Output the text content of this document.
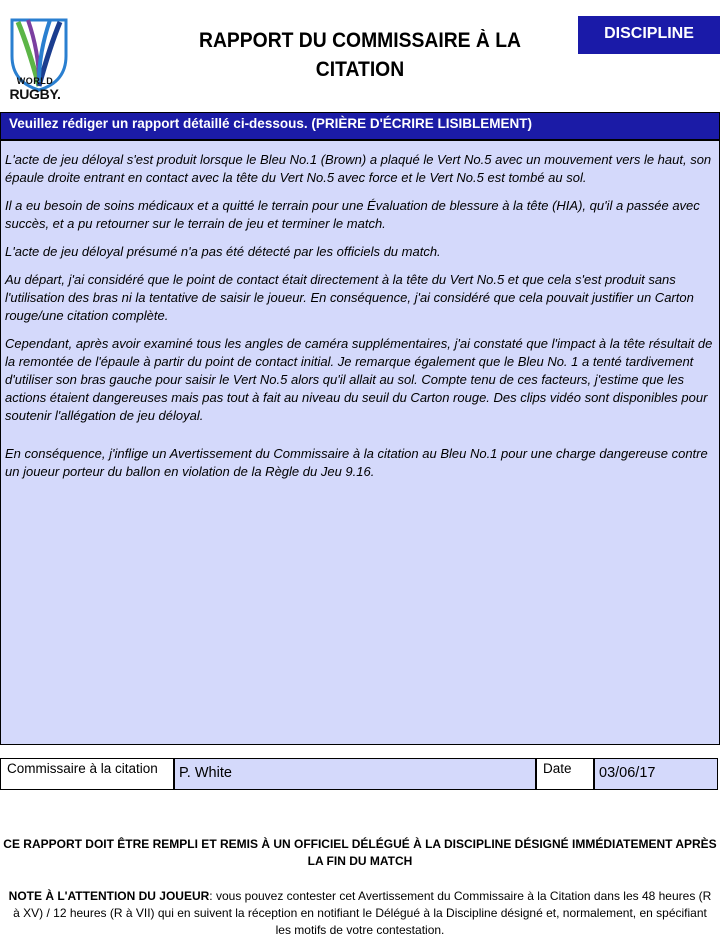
WORLD
RUGBY.
RAPPORT DU COMMISSAIRE À LA
CITATION
DISCIPLINE
Veuillez rédiger un rapport détaillé ci-dessous. (PRIÈRE D'ÉCRIRE LISIBLEMENT)

L'acte de jeu déloyal s'est produit lorsque le Bleu No.1 (Brown) a plaqué le Vert No.5 avec un mouvement vers le haut, son épaule droite entrant en contact avec la tête du Vert No.5 avec force et le Vert No.5 est tombé au sol.

Il a eu besoin de soins médicaux et a quitté le terrain pour une Évaluation de blessure à la tête (HIA), qu'il a passée avec succès, et a pu retourner sur le terrain de jeu et terminer le match.

L'acte de jeu déloyal présumé n'a pas été détecté par les officiels du match.

Au départ, j'ai considéré que le point de contact était directement à la tête du Vert No.5 et que cela s'est produit sans l'utilisation des bras ni la tentative de saisir le joueur. En conséquence, j'ai considéré que cela pouvait justifier un Carton rouge/une citation complète.

Cependant, après avoir examiné tous les angles de caméra supplémentaires, j'ai constaté que l'impact à la tête résultait de la remontée de l'épaule à partir du point de contact initial. Je remarque également que le Bleu No. 1 a tenté tardivement d'utiliser son bras gauche pour saisir le Vert No.5 alors qu'il allait au sol. Compte tenu de ces facteurs, j'estime que les actions étaient dangereuses mais pas tout à fait au niveau du seuil du Carton rouge. Des clips vidéo sont disponibles pour soutenir l'allégation de jeu déloyal.

En conséquence, j'inflige un Avertissement du Commissaire à la citation au Bleu No.1 pour une charge dangereuse contre un joueur porteur du ballon en violation de la Règle du Jeu 9.16.

Commissaire à la citation	P. White	Date	03/06/17
CE RAPPORT DOIT ÊTRE REMPLI ET REMIS À UN OFFICIEL DÉLÉGUÉ À LA DISCIPLINE DÉSIGNÉ IMMÉDIATEMENT APRÈS LA FIN DU MATCH
NOTE À L'ATTENTION DU JOUEUR: vous pouvez contester cet Avertissement du Commissaire à la Citation dans les 48 heures (R à XV) / 12 heures (R à VII) qui en suivent la réception en notifiant le Délégué à la Discipline désigné et, normalement, en spécifiant les motifs de votre contestation.
